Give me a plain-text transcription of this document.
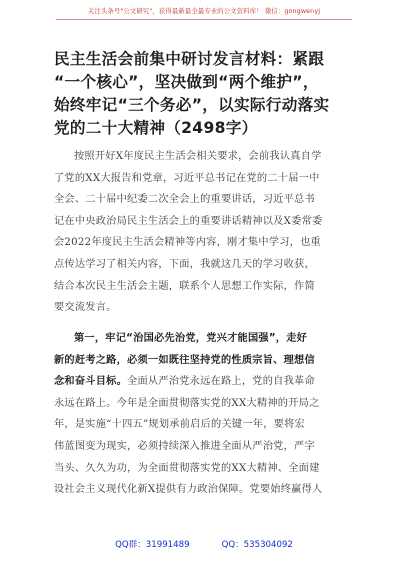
关注头条号"公文研究"，获得最新最全最专业的公文资料库！ 微信：gongwenyj
民主生活会前集中研讨发言材料：紧跟
“一个核心”，坚决做到“两个维护”，
始终牢记“三个务必”，以实际行动落实
党的二十大精神（2498字）
按照开好X年度民主生活会相关要求，会前我认真自学
了党的XX大报告和党章，习近平总书记在党的二十届一中
全会、二十届中纪委二次全会上的重要讲话，习近平总书
记在中央政治局民主生活会上的重要讲话精神以及X委常委
会2022年度民主生活会精神等内容，刚才集中学习，也重
点传达学习了相关内容，下面，我就这几天的学习收获，
结合本次民主生活会主题，联系个人思想工作实际，作简
要交流发言。
第一，牢记“治国必先治党，党兴才能国强”，走好
新的赶考之路，必须一如既往坚持党的性质宗旨、理想信
念和奋斗目标。全面从严治党永远在路上，党的自我革命
永远在路上。今年是全面贯彻落实党的XX大精神的开局之
年，是实施“十四五”规划承前启后的关键一年，要将宏
伟蓝图变为现实，必须持续深入推进全面从严治党，严字
当头、久久为功，为全面贯彻落实党的XX大精神、全面建
设社会主义现代化新X提供有力政治保障。党要始终赢得人
QQ群：31991489	QQ：535304092
